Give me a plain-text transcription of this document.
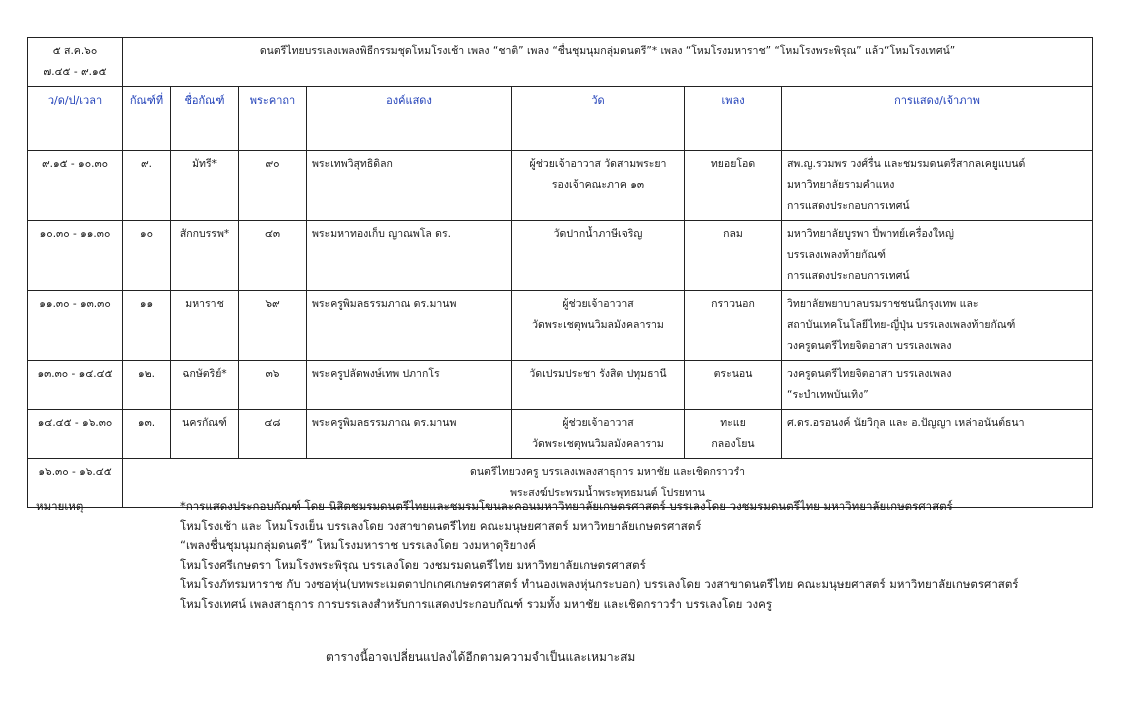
๕ ส.ค.๖๐
๗.๔๕ - ๙.๑๕	ดนตรีไทยบรรเลงเพลงพิธีกรรมชุดโหมโรงเช้า เพลง “ชาติ” เพลง “ชื่นชุมนุมกลุ่มดนตรี”* เพลง “โหมโรงมหาราช” “โหมโรงพระพิรุณ” แล้ว“โหมโรงเทศน์”						
ว/ด/ป/เวลา	กัณฑ์ที่	ชื่อกัณฑ์	พระคาถา	องค์แสดง	วัด	เพลง	การแสดง/เจ้าภาพ
๙.๑๕ - ๑๐.๓๐	๙.	มัทรี*	๙๐	พระเทพวิสุทธิดิลก	ผู้ช่วยเจ้าอาวาส วัดสามพระยา
รองเจ้าคณะภาค ๑๓	ทยอยโอด	สพ.ญ.รวมพร วงศ์รื่น และชมรมดนตรีสากลเคยูแบนด์
มหาวิทยาลัยรามคำแหง
การแสดงประกอบการเทศน์

๑๐.๓๐ - ๑๑.๓๐	๑๐	สักกบรรพ*	๔๓	พระมหาทองเก็บ ญาณพโล ดร.	วัดปากน้ำภาษีเจริญ	กลม	มหาวิทยาลัยบูรพา ปี่พาทย์เครื่องใหญ่
บรรเลงเพลงท้ายกัณฑ์
การแสดงประกอบการเทศน์

๑๑.๓๐ - ๑๓.๓๐	๑๑	มหาราช	๖๙	พระครูพิมลธรรมภาณ ดร.มานพ	ผู้ช่วยเจ้าอาวาส
วัดพระเชตุพนวิมลมังคลาราม	กราวนอก	วิทยาลัยพยาบาลบรมราชชนนีกรุงเทพ และ
สถาบันเทคโนโลยีไทย-ญี่ปุ่น บรรเลงเพลงท้ายกัณฑ์
วงครูดนตรีไทยจิตอาสา บรรเลงเพลง

๑๓.๓๐ - ๑๔.๔๕	๑๒.	ฉกษัตริย์*	๓๖	พระครูปลัดพงษ์เทพ ปภากโร	วัดเปรมประชา รังสิต ปทุมธานี	ตระนอน	วงครูดนตรีไทยจิตอาสา บรรเลงเพลง
“ระบำเทพบันเทิง”

๑๔.๔๕ - ๑๖.๓๐	๑๓.	นครกัณฑ์	๔๘	พระครูพิมลธรรมภาณ ดร.มานพ	ผู้ช่วยเจ้าอาวาส
วัดพระเชตุพนวิมลมังคลาราม	ทะแย
กลองโยน	ศ.ดร.อรอนงค์ นัยวิกุล และ อ.ปัญญา เหล่าอนันต์ธนา

๑๖.๓๐ - ๑๖.๔๕	ดนตรีไทยวงครู บรรเลงเพลงสาธุการ มหาชัย และเชิดกราวรำ
พระสงฆ์ประพรมน้ำพระพุทธมนต์ โปรยทาน						
หมายเหตุ	*การแสดงประกอบกัณฑ์ โดย นิสิตชมรมดนตรีไทยและชมรมโขนละคอนมหาวิทยาลัยเกษตรศาสตร์ บรรเลงโดย วงชมรมดนตรีไทย มหาวิทยาลัยเกษตรศาสตร์
โหมโรงเช้า และ โหมโรงเย็น บรรเลงโดย วงสาขาดนตรีไทย คณะมนุษยศาสตร์ มหาวิทยาลัยเกษตรศาสตร์
“เพลงชื่นชุมนุมกลุ่มดนตรี” โหมโรงมหาราช บรรเลงโดย วงมหาดุริยางค์
โหมโรงศรีเกษตรา โหมโรงพระพิรุณ บรรเลงโดย วงชมรมดนตรีไทย มหาวิทยาลัยเกษตรศาสตร์
โหมโรงภัทรมหาราช กับ วงซอหุ่น(บทพระเมตตาปกเกศเกษตรศาสตร์ ทำนองเพลงหุ่นกระบอก) บรรเลงโดย วงสาขาดนตรีไทย คณะมนุษยศาสตร์ มหาวิทยาลัยเกษตรศาสตร์
โหมโรงเทศน์ เพลงสาธุการ การบรรเลงสำหรับการแสดงประกอบกัณฑ์ รวมทั้ง มหาชัย และเชิดกราวรำ บรรเลงโดย วงครู
ตารางนี้อาจเปลี่ยนแปลงได้อีกตามความจำเป็นและเหมาะสม
